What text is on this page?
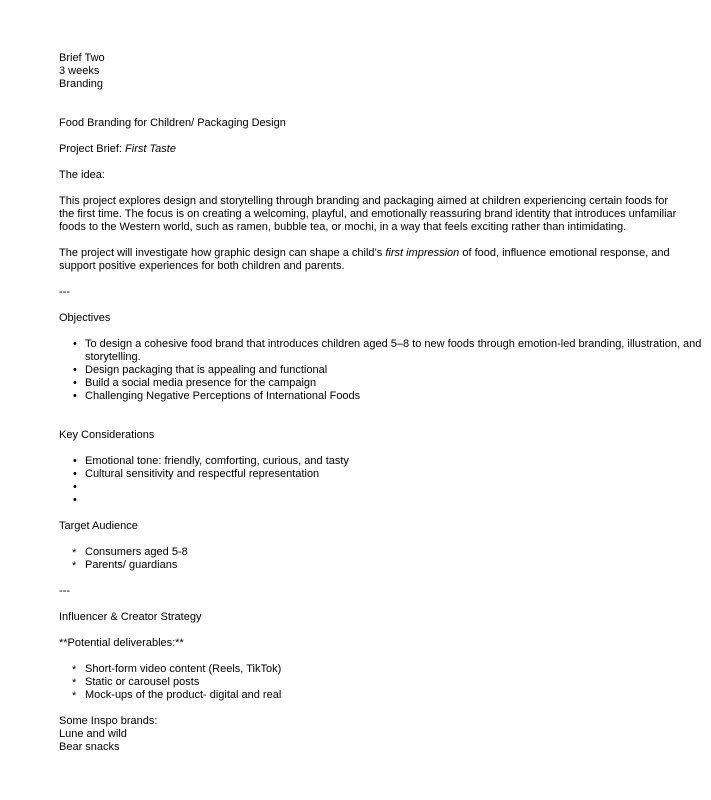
Brief Two

3 weeks

Branding

Food Branding for Children/ Packaging Design

Project Brief: First Taste

The idea:

This project explores design and storytelling through branding and packaging aimed at children experiencing certain foods for the first time. The focus is on creating a welcoming, playful, and emotionally reassuring brand identity that introduces unfamiliar foods to the Western world, such as ramen, bubble tea, or mochi, in a way that feels exciting rather than intimidating.

The project will investigate how graphic design can shape a child’s first impression of food, influence emotional response, and support positive experiences for both children and parents.

---

Objectives

• To design a cohesive food brand that introduces children aged 5–8 to new foods through emotion-led branding, illustration, and storytelling.
• Design packaging that is appealing and functional
• Build a social media presence for the campaign
• Challenging Negative Perceptions of International Foods

Key Considerations

• Emotional tone: friendly, comforting, curious, and tasty
• Cultural sensitivity and respectful representation
•
•

Target Audience

* Consumers aged 5-8
* Parents/ guardians

---

Influencer & Creator Strategy

**Potential deliverables:**

* Short-form video content (Reels, TikTok)
* Static or carousel posts
* Mock-ups of the product- digital and real

Some Inspo brands:

Lune and wild

Bear snacks
